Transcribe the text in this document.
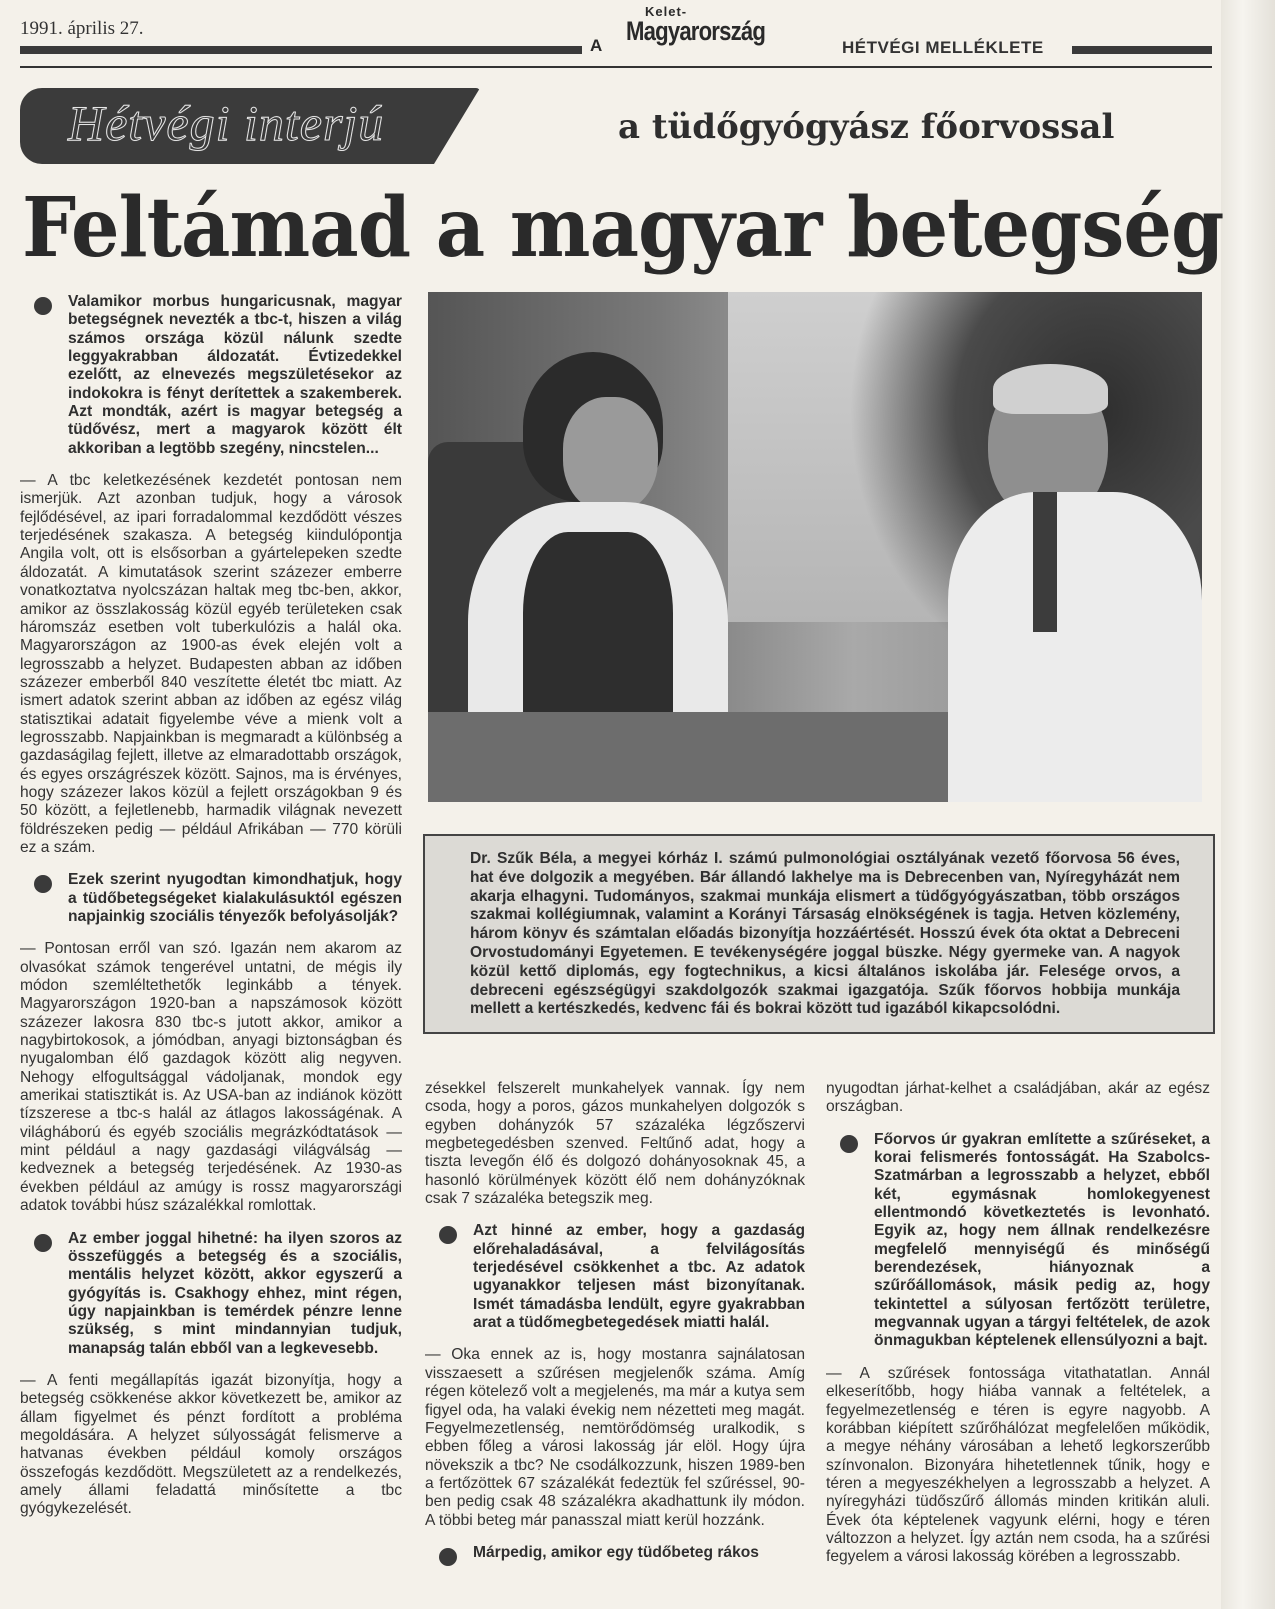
1991. április 27.
A
Kelet-
Magyarország
HÉTVÉGI MELLÉKLETE
Hétvégi interjú	a tüdőgyógyász főorvossal
Feltámad a magyar betegség
Dr. Szűk Béla, a megyei kórház I. számú pulmonológiai osztályának vezető főorvosa 56 éves, hat éve dolgozik a megyében. Bár állandó lakhelye ma is Debrecenben van, Nyíregyházát nem akarja elhagyni. Tudományos, szakmai munkája elismert a tüdőgyógyászatban, több országos szakmai kollégiumnak, valamint a Korányi Társaság elnökségének is tagja. Hetven közlemény, három könyv és számtalan előadás bizonyítja hozzáértését. Hosszú évek óta oktat a Debreceni Orvostudományi Egyetemen. E tevékenységére joggal büszke. Négy gyermeke van. A nagyok közül kettő diplomás, egy fogtechnikus, a kicsi általános iskolába jár. Felesége orvos, a debreceni egészségügyi szakdolgozók szakmai igazgatója. Szűk főorvos hobbija munkája mellett a kertészkedés, kedvenc fái és bokrai között tud igazából kikapcsolódni.

Valamikor morbus hungaricusnak, magyar betegségnek nevezték a tbc-t, hiszen a világ számos országa közül nálunk szedte leggyakrabban áldozatát. Évtizedekkel ezelőtt, az elnevezés megszületésekor az indokokra is fényt derítettek a szakemberek. Azt mondták, azért is magyar betegség a tüdővész, mert a magyarok között élt akkoriban a legtöbb szegény, nincstelen...

— A tbc keletkezésének kezdetét pontosan nem ismerjük. Azt azonban tudjuk, hogy a városok fejlődésével, az ipari forradalommal kezdődött vészes terjedésének szakasza. A betegség kiindulópontja Angila volt, ott is elsősorban a gyártelepeken szedte áldozatát. A kimutatások szerint százezer emberre vonatkoztatva nyolcszázan haltak meg tbc-ben, akkor, amikor az összlakosság közül egyéb területeken csak háromszáz esetben volt tuberkulózis a halál oka. Magyarországon az 1900-as évek elején volt a legrosszabb a helyzet. Budapesten abban az időben százezer emberből 840 veszítette életét tbc miatt. Az ismert adatok szerint abban az időben az egész világ statisztikai adatait figyelembe véve a mienk volt a legrosszabb. Napjainkban is megmaradt a különbség a gazdaságilag fejlett, illetve az elmaradottabb országok, és egyes országrészek között. Sajnos, ma is érvényes, hogy százezer lakos közül a fejlett országokban 9 és 50 között, a fejletlenebb, harmadik világnak nevezett földrészeken pedig — például Afrikában — 770 körüli ez a szám.

Ezek szerint nyugodtan kimondhatjuk, hogy a tüdőbetegségeket kialakulásuktól egészen napjainkig szociális tényezők befolyásolják?

— Pontosan erről van szó. Igazán nem akarom az olvasókat számok tengerével untatni, de mégis ily módon szemléltethetők leginkább a tények. Magyarországon 1920-ban a napszámosok között százezer lakosra 830 tbc-s jutott akkor, amikor a nagybirtokosok, a jómódban, anyagi biztonságban és nyugalomban élő gazdagok között alig negyven. Nehogy elfogultsággal vádoljanak, mondok egy amerikai statisztikát is. Az USA-ban az indiánok között tízszerese a tbc-s halál az átlagos lakosságénak. A világháború és egyéb szociális megrázkódtatások — mint például a nagy gazdasági világválság — kedveznek a betegség terjedésének. Az 1930-as években például az amúgy is rossz magyarországi adatok további húsz százalékkal romlottak.

Az ember joggal hihetné: ha ilyen szoros az összefüggés a betegség és a szociális, mentális helyzet között, akkor egyszerű a gyógyítás is. Csakhogy ehhez, mint régen, úgy napjainkban is temérdek pénzre lenne szükség, s mint mindannyian tudjuk, manapság talán ebből van a legkevesebb.

— A fenti megállapítás igazát bizonyítja, hogy a betegség csökkenése akkor következett be, amikor az állam figyelmet és pénzt fordított a probléma megoldására. A helyzet súlyosságát felismerve a hatvanas években például komoly országos összefogás kezdődött. Megszületett az a rendelkezés, amely állami feladattá minősítette a tbc gyógykezelését.

zésekkel felszerelt munkahelyek vannak. Így nem csoda, hogy a poros, gázos munkahelyen dolgozók s egyben dohányzók 57 százaléka légzőszervi megbetegedésben szenved. Feltűnő adat, hogy a tiszta levegőn élő és dolgozó dohányosoknak 45, a hasonló körülmények között élő nem dohányzóknak csak 7 százaléka betegszik meg.

Azt hinné az ember, hogy a gazdaság előrehaladásával, a felvilágosítás terjedésével csökkenhet a tbc. Az adatok ugyanakkor teljesen mást bizonyítanak. Ismét támadásba lendült, egyre gyakrabban arat a tüdőmegbetegedések miatti halál.

— Oka ennek az is, hogy mostanra sajnálatosan visszaesett a szűrésen megjelenők száma. Amíg régen kötelező volt a megjelenés, ma már a kutya sem figyel oda, ha valaki évekig nem nézetteti meg magát. Fegyelmezetlenség, nemtörődömség uralkodik, s ebben főleg a városi lakosság jár elöl. Hogy újra növekszik a tbc? Ne csodálkozzunk, hiszen 1989-ben a fertőzöttek 67 százalékát fedeztük fel szűréssel, 90-ben pedig csak 48 százalékra akadhattunk ily módon. A többi beteg már panasszal miatt kerül hozzánk.

Márpedig, amikor egy tüdőbeteg rákos

nyugodtan járhat-kelhet a családjában, akár az egész országban.

Főorvos úr gyakran említette a szűréseket, a korai felismerés fontosságát. Ha Szabolcs-Szatmárban a legrosszabb a helyzet, ebből két, egymásnak homlokegyenest ellentmondó következtetés is levonható. Egyik az, hogy nem állnak rendelkezésre megfelelő mennyiségű és minőségű berendezések, hiányoznak a szűrőállomások, másik pedig az, hogy tekintettel a súlyosan fertőzött területre, megvannak ugyan a tárgyi feltételek, de azok önmagukban képtelenek ellensúlyozni a bajt.

— A szűrések fontossága vitathatatlan. Annál elkeserítőbb, hogy hiába vannak a feltételek, a fegyelmezetlenség e téren is egyre nagyobb. A korábban kiépített szűrőhálózat megfelelően működik, a megye néhány városában a lehető legkorszerűbb színvonalon. Bizonyára hihetetlennek tűnik, hogy e téren a megyeszékhelyen a legrosszabb a helyzet. A nyíregyházi tüdőszűrő állomás minden kritikán aluli. Évek óta képtelenek vagyunk elérni, hogy e téren változzon a helyzet. Így aztán nem csoda, ha a szűrési fegyelem a városi lakosság körében a legrosszabb.
